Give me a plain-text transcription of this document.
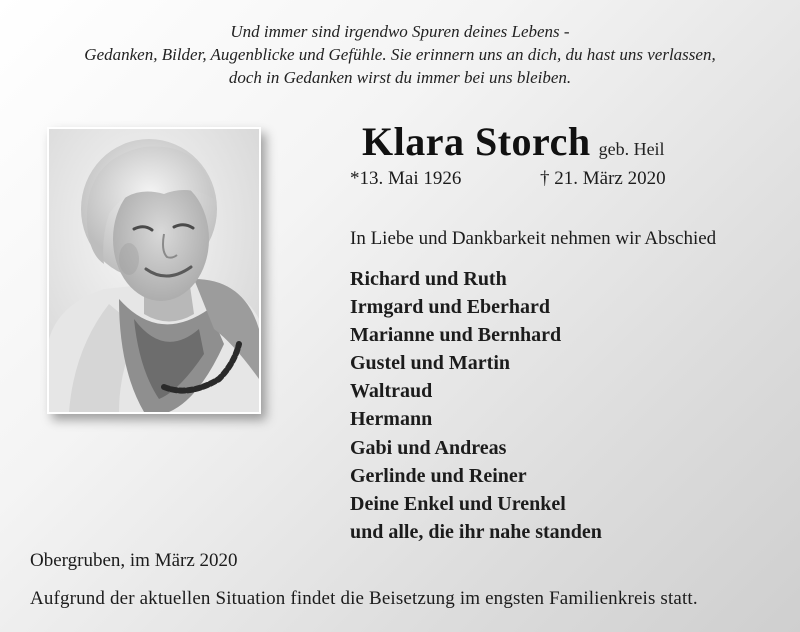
Und immer sind irgendwo Spuren deines Lebens -
Gedanken, Bilder, Augenblicke und Gefühle. Sie erinnern uns an dich, du hast uns verlassen,
doch in Gedanken wirst du immer bei uns bleiben.
Klara Storch geb. Heil
*13. Mai 1926	† 21. März 2020
In Liebe und Dankbarkeit nehmen wir Abschied
Richard und Ruth
Irmgard und Eberhard
Marianne und Bernhard
Gustel und Martin
Waltraud
Hermann
Gabi und Andreas
Gerlinde und Reiner
Deine Enkel und Urenkel
und alle, die ihr nahe standen
Obergruben, im März 2020
Aufgrund der aktuellen Situation findet die Beisetzung im engsten Familienkreis statt.
